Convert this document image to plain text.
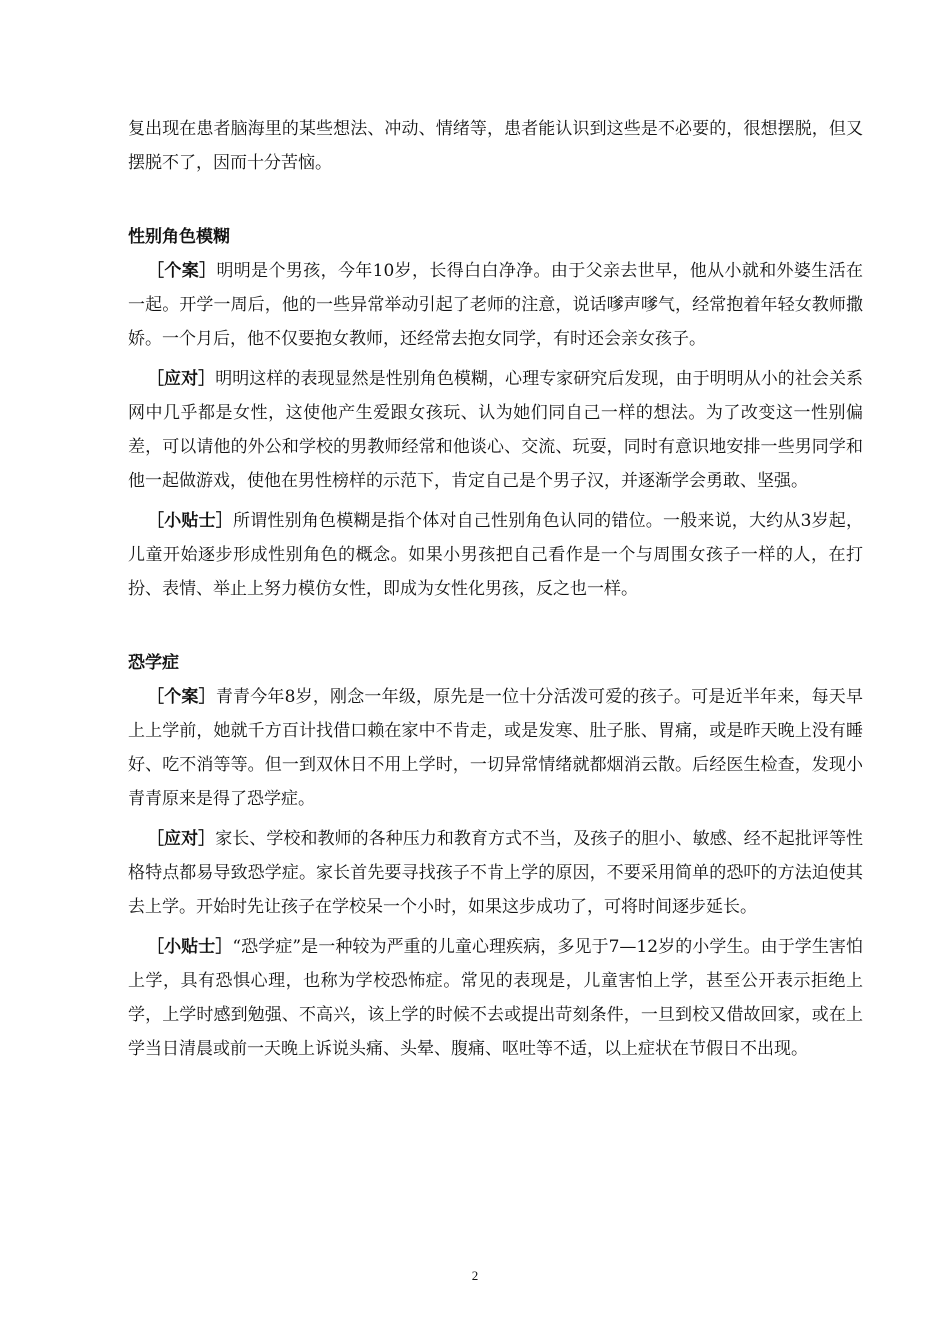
复出现在患者脑海里的某些想法、冲动、情绪等，患者能认识到这些是不必要的，很想摆脱，但又摆脱不了，因而十分苦恼。

性别角色模糊

［个案］明明是个男孩，今年10岁，长得白白净净。由于父亲去世早，他从小就和外婆生活在一起。开学一周后，他的一些异常举动引起了老师的注意，说话嗲声嗲气，经常抱着年轻女教师撒娇。一个月后，他不仅要抱女教师，还经常去抱女同学，有时还会亲女孩子。

［应对］明明这样的表现显然是性别角色模糊，心理专家研究后发现，由于明明从小的社会关系网中几乎都是女性，这使他产生爱跟女孩玩、认为她们同自己一样的想法。为了改变这一性别偏差，可以请他的外公和学校的男教师经常和他谈心、交流、玩耍，同时有意识地安排一些男同学和他一起做游戏，使他在男性榜样的示范下，肯定自己是个男子汉，并逐渐学会勇敢、坚强。

［小贴士］所谓性别角色模糊是指个体对自己性别角色认同的错位。一般来说，大约从3岁起，儿童开始逐步形成性别角色的概念。如果小男孩把自己看作是一个与周围女孩子一样的人，在打扮、表情、举止上努力模仿女性，即成为女性化男孩，反之也一样。

恐学症

［个案］青青今年8岁，刚念一年级，原先是一位十分活泼可爱的孩子。可是近半年来，每天早上上学前，她就千方百计找借口赖在家中不肯走，或是发寒、肚子胀、胃痛，或是昨天晚上没有睡好、吃不消等等。但一到双休日不用上学时，一切异常情绪就都烟消云散。后经医生检查，发现小青青原来是得了恐学症。

［应对］家长、学校和教师的各种压力和教育方式不当，及孩子的胆小、敏感、经不起批评等性格特点都易导致恐学症。家长首先要寻找孩子不肯上学的原因，不要采用简单的恐吓的方法迫使其去上学。开始时先让孩子在学校呆一个小时，如果这步成功了，可将时间逐步延长。

［小贴士］“恐学症”是一种较为严重的儿童心理疾病，多见于7—12岁的小学生。由于学生害怕上学，具有恐惧心理，也称为学校恐怖症。常见的表现是，儿童害怕上学，甚至公开表示拒绝上学，上学时感到勉强、不高兴，该上学的时候不去或提出苛刻条件，一旦到校又借故回家，或在上学当日清晨或前一天晚上诉说头痛、头晕、腹痛、呕吐等不适，以上症状在节假日不出现。

2
